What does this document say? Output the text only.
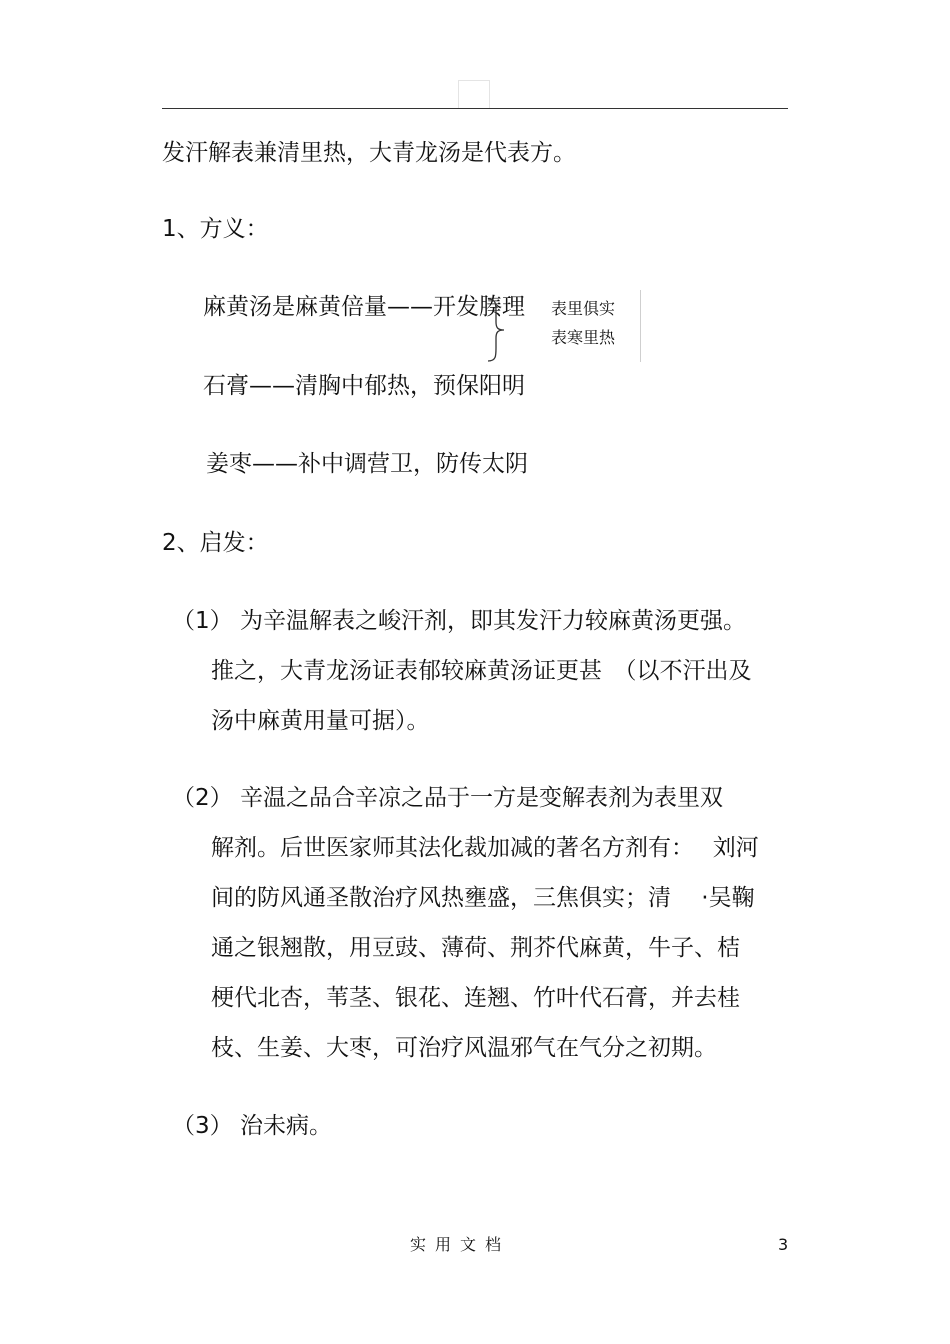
发汗解表兼清里热，大青龙汤是代表方。
1、方义：
麻黄汤是麻黄倍量——开发腠理 表里俱实
表寒里热
石膏——清胸中郁热，预保阳明
姜枣——补中调营卫，防传太阴
2、启发：
（1） 为辛温解表之峻汗剂，即其发汗力较麻黄汤更强。
推之，大青龙汤证表郁较麻黄汤证更甚　（以不汗出及
汤中麻黄用量可据）。
（2） 辛温之品合辛凉之品于一方是变解表剂为表里双
解剂。后世医家师其法化裁加减的著名方剂有：　 刘河
间的防风通圣散治疗风热壅盛，三焦俱实；清　 ·吴鞠
通之银翘散，用豆豉、薄荷、荆芥代麻黄，牛子、桔
梗代北杏，苇茎、银花、连翘、竹叶代石膏，并去桂
枝、生姜、大枣，可治疗风温邪气在气分之初期。
（3） 治未病。
实用文档	3
